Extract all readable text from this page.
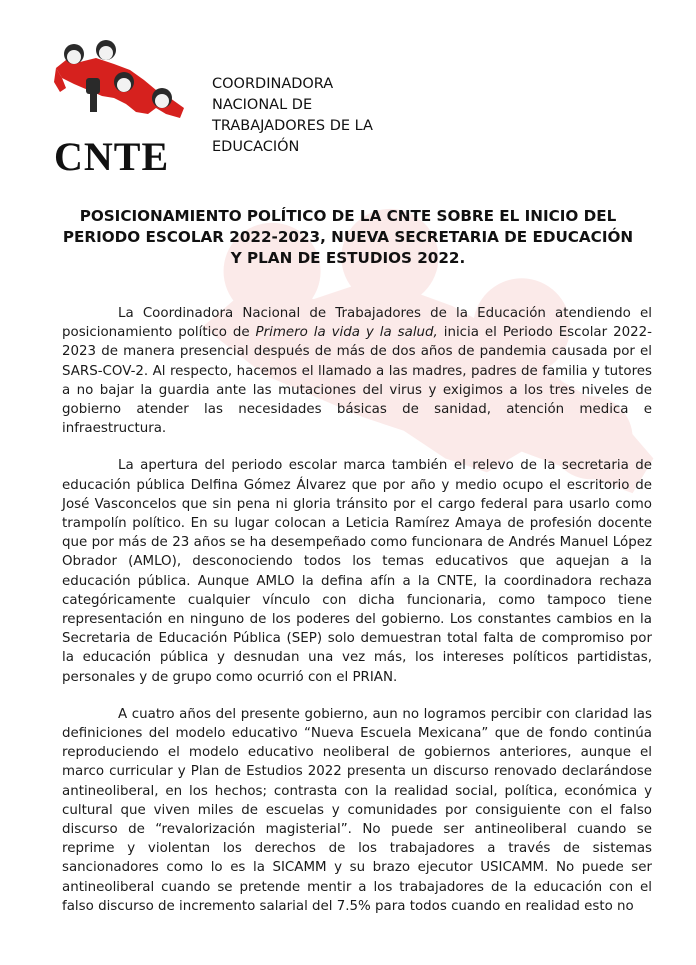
CNTE
COORDINADORA
NACIONAL DE
TRABAJADORES DE LA
EDUCACIÓN
POSICIONAMIENTO POLÍTICO DE LA CNTE SOBRE EL INICIO DEL PERIODO ESCOLAR 2022-2023, NUEVA SECRETARIA DE EDUCACIÓN Y PLAN DE ESTUDIOS 2022.

La Coordinadora Nacional de Trabajadores de la Educación atendiendo el posicionamiento político de Primero la vida y la salud, inicia el Periodo Escolar 2022-2023 de manera presencial después de más de dos años de pandemia causada por el SARS-COV-2. Al respecto, hacemos el llamado a las madres, padres de familia y tutores a no bajar la guardia ante las mutaciones del virus y exigimos a los tres niveles de gobierno atender las necesidades básicas de sanidad, atención medica e infraestructura.

La apertura del periodo escolar marca también el relevo de la secretaria de educación pública Delfina Gómez Álvarez que por año y medio ocupo el escritorio de José Vasconcelos que sin pena ni gloria tránsito por el cargo federal para usarlo como trampolín político. En su lugar colocan a Leticia Ramírez Amaya de profesión docente que por más de 23 años se ha desempeñado como funcionara de Andrés Manuel López Obrador (AMLO), desconociendo todos los temas educativos que aquejan a la educación pública. Aunque AMLO la defina afín a la CNTE, la coordinadora rechaza categóricamente cualquier vínculo con dicha funcionaria, como tampoco tiene representación en ninguno de los poderes del gobierno. Los constantes cambios en la Secretaria de Educación Pública (SEP) solo demuestran total falta de compromiso por la educación pública y desnudan una vez más, los intereses políticos partidistas, personales y de grupo como ocurrió con el PRIAN.

A cuatro años del presente gobierno, aun no logramos percibir con claridad las definiciones del modelo educativo “Nueva Escuela Mexicana” que de fondo continúa reproduciendo el modelo educativo neoliberal de gobiernos anteriores, aunque el marco curricular y Plan de Estudios 2022 presenta un discurso renovado declarándose antineoliberal, en los hechos; contrasta con la realidad social, política, económica y cultural que viven miles de escuelas y comunidades por consiguiente con el falso discurso de “revalorización magisterial”. No puede ser antineoliberal cuando se reprime y violentan los derechos de los trabajadores a través de sistemas sancionadores como lo es la SICAMM y su brazo ejecutor USICAMM. No puede ser antineoliberal cuando se pretende mentir a los trabajadores de la educación con el falso discurso de incremento salarial del 7.5% para todos cuando en realidad esto no
